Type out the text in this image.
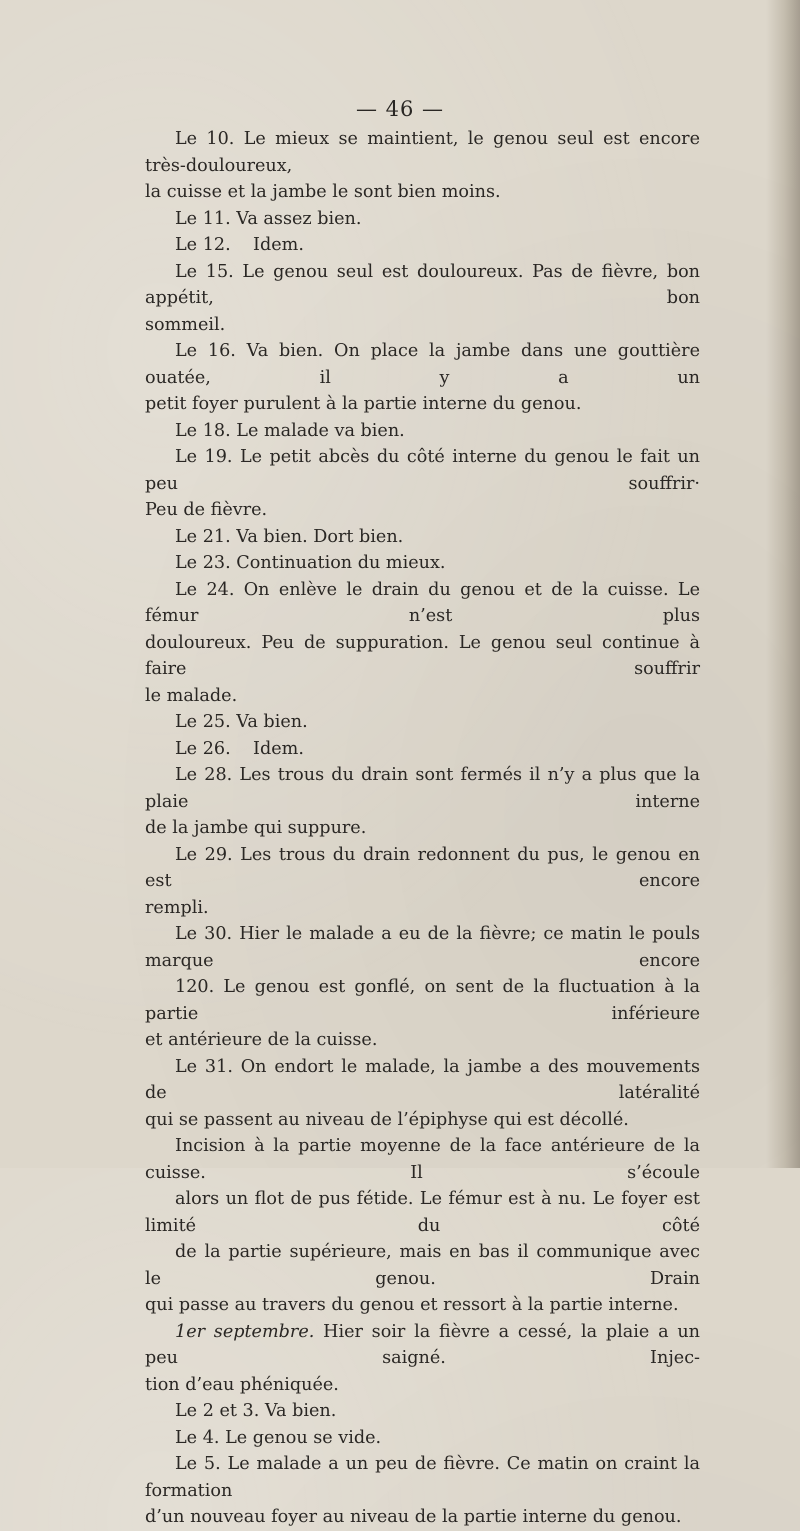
— 46 —

Le 10. Le mieux se maintient, le genou seul est encore très-douloureux,
la cuisse et la jambe le sont bien moins.

Le 11. Va assez bien.

Le 12.    Idem.

Le 15. Le genou seul est douloureux. Pas de fièvre, bon appétit, bon
sommeil.

Le 16. Va bien. On place la jambe dans une gouttière ouatée, il y a un
petit foyer purulent à la partie interne du genou.

Le 18. Le malade va bien.

Le 19. Le petit abcès du côté interne du genou le fait un peu souffrir·
Peu de fièvre.

Le 21. Va bien. Dort bien.

Le 23. Continuation du mieux.

Le 24. On enlève le drain du genou et de la cuisse. Le fémur n’est plus
douloureux. Peu de suppuration. Le genou seul continue à faire souffrir
le malade.

Le 25. Va bien.

Le 26.    Idem.

Le 28. Les trous du drain sont fermés il n’y a plus que la plaie interne
de la jambe qui suppure.

Le 29. Les trous du drain redonnent du pus, le genou en est encore
rempli.

Le 30. Hier le malade a eu de la fièvre; ce matin le pouls marque encore
120. Le genou est gonflé, on sent de la fluctuation à la partie inférieure
et antérieure de la cuisse.

Le 31. On endort le malade, la jambe a des mouvements de latéralité
qui se passent au niveau de l’épiphyse qui est décollé.

Incision à la partie moyenne de la face antérieure de la cuisse. Il s’écoule
alors un flot de pus fétide. Le fémur est à nu. Le foyer est limité du côté
de la partie supérieure, mais en bas il communique avec le genou. Drain
qui passe au travers du genou et ressort à la partie interne.

1er septembre. Hier soir la fièvre a cessé, la plaie a un peu saigné. Injec-
tion d’eau phéniquée.

Le 2 et 3. Va bien.

Le 4. Le genou se vide.

Le 5. Le malade a un peu de fièvre. Ce matin on craint la formation
d’un nouveau foyer au niveau de la partie interne du genou.
